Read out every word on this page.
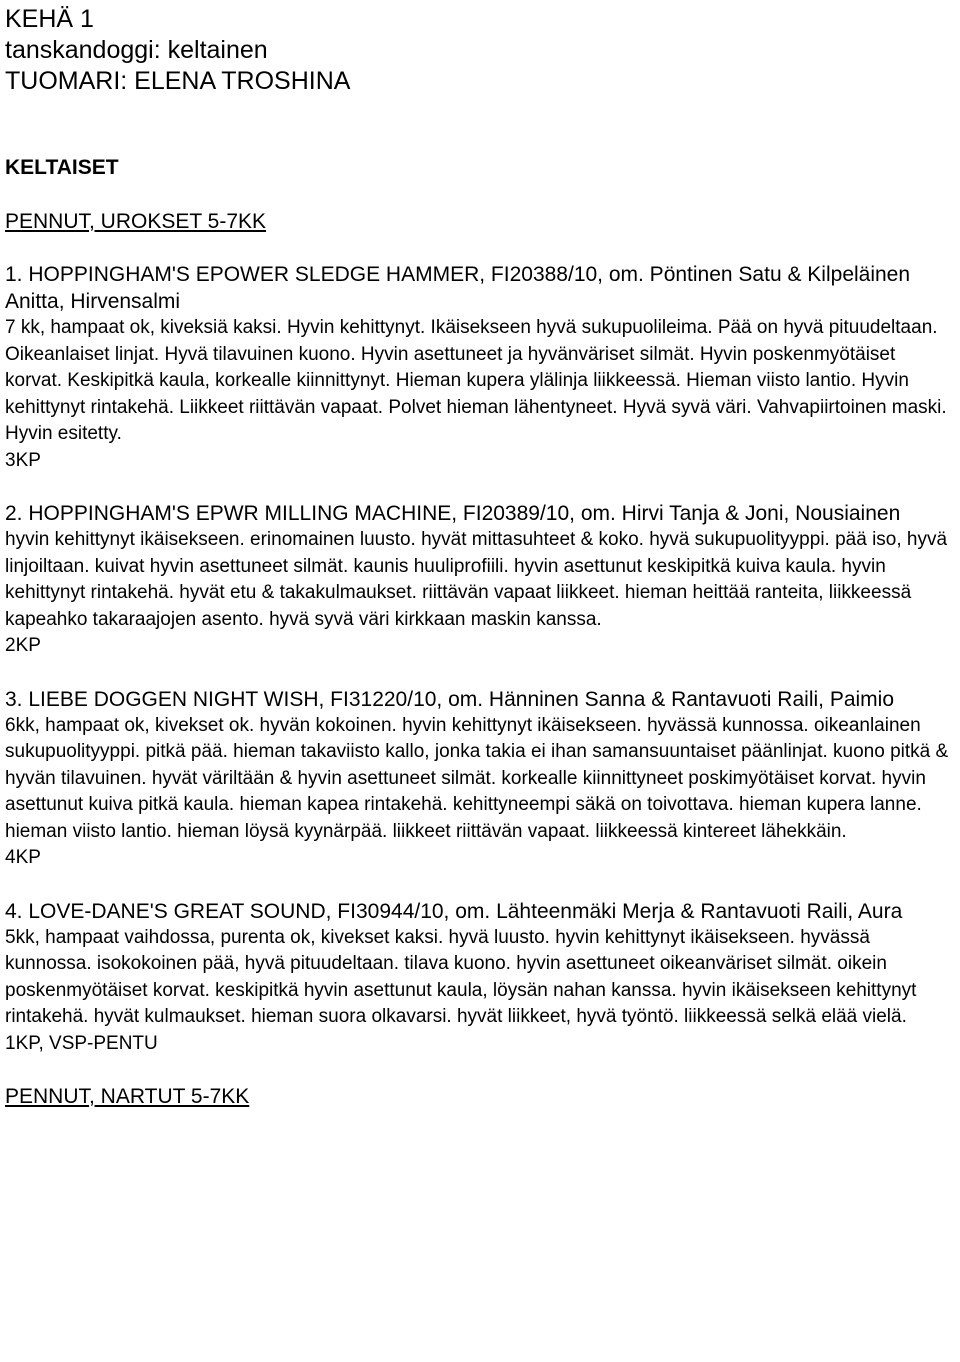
KEHÄ 1

tanskandoggi: keltainen

TUOMARI: ELENA TROSHINA

KELTAISET

PENNUT, UROKSET 5-7KK

1. HOPPINGHAM'S EPOWER SLEDGE HAMMER, FI20388/10, om. Pöntinen Satu & Kilpeläinen Anitta, Hirvensalmi

7 kk, hampaat ok, kiveksiä kaksi. Hyvin kehittynyt. Ikäisekseen hyvä sukupuolileima. Pää on hyvä pituudeltaan. Oikeanlaiset linjat. Hyvä tilavuinen kuono. Hyvin asettuneet ja hyvänväriset silmät. Hyvin poskenmyötäiset korvat. Keskipitkä kaula, korkealle kiinnittynyt. Hieman kupera ylälinja liikkeessä. Hieman viisto lantio. Hyvin kehittynyt rintakehä. Liikkeet riittävän vapaat. Polvet hieman lähentyneet. Hyvä syvä väri. Vahvapiirtoinen maski. Hyvin esitetty.

3KP

2. HOPPINGHAM'S EPWR MILLING MACHINE, FI20389/10, om. Hirvi Tanja & Joni, Nousiainen

hyvin kehittynyt ikäisekseen. erinomainen luusto. hyvät mittasuhteet & koko. hyvä sukupuolityyppi. pää iso, hyvä linjoiltaan. kuivat hyvin asettuneet silmät. kaunis huuliprofiili. hyvin asettunut keskipitkä kuiva kaula. hyvin kehittynyt rintakehä. hyvät etu & takakulmaukset. riittävän vapaat liikkeet. hieman heittää ranteita, liikkeessä kapeahko takaraajojen asento. hyvä syvä väri kirkkaan maskin kanssa.

2KP

3. LIEBE DOGGEN NIGHT WISH, FI31220/10, om. Hänninen Sanna & Rantavuoti Raili, Paimio

6kk, hampaat ok, kivekset ok. hyvän kokoinen. hyvin kehittynyt ikäisekseen. hyvässä kunnossa. oikeanlainen sukupuolityyppi. pitkä pää. hieman takaviisto kallo, jonka takia ei ihan samansuuntaiset päänlinjat. kuono pitkä & hyvän tilavuinen. hyvät väriltään & hyvin asettuneet silmät. korkealle kiinnittyneet poskimyötäiset korvat. hyvin asettunut kuiva pitkä kaula. hieman kapea rintakehä. kehittyneempi säkä on toivottava. hieman kupera lanne. hieman viisto lantio. hieman löysä kyynärpää. liikkeet riittävän vapaat. liikkeessä kintereet lähekkäin.

4KP

4. LOVE-DANE'S GREAT SOUND, FI30944/10, om. Lähteenmäki Merja & Rantavuoti Raili, Aura

5kk, hampaat vaihdossa, purenta ok, kivekset kaksi. hyvä luusto. hyvin kehittynyt ikäisekseen. hyvässä kunnossa. isokokoinen pää, hyvä pituudeltaan. tilava kuono. hyvin asettuneet oikeanväriset silmät. oikein poskenmyötäiset korvat. keskipitkä hyvin asettunut kaula, löysän nahan kanssa. hyvin ikäisekseen kehittynyt rintakehä. hyvät kulmaukset. hieman suora olkavarsi. hyvät liikkeet, hyvä työntö. liikkeessä selkä elää vielä.

1KP, VSP-PENTU

PENNUT, NARTUT 5-7KK
